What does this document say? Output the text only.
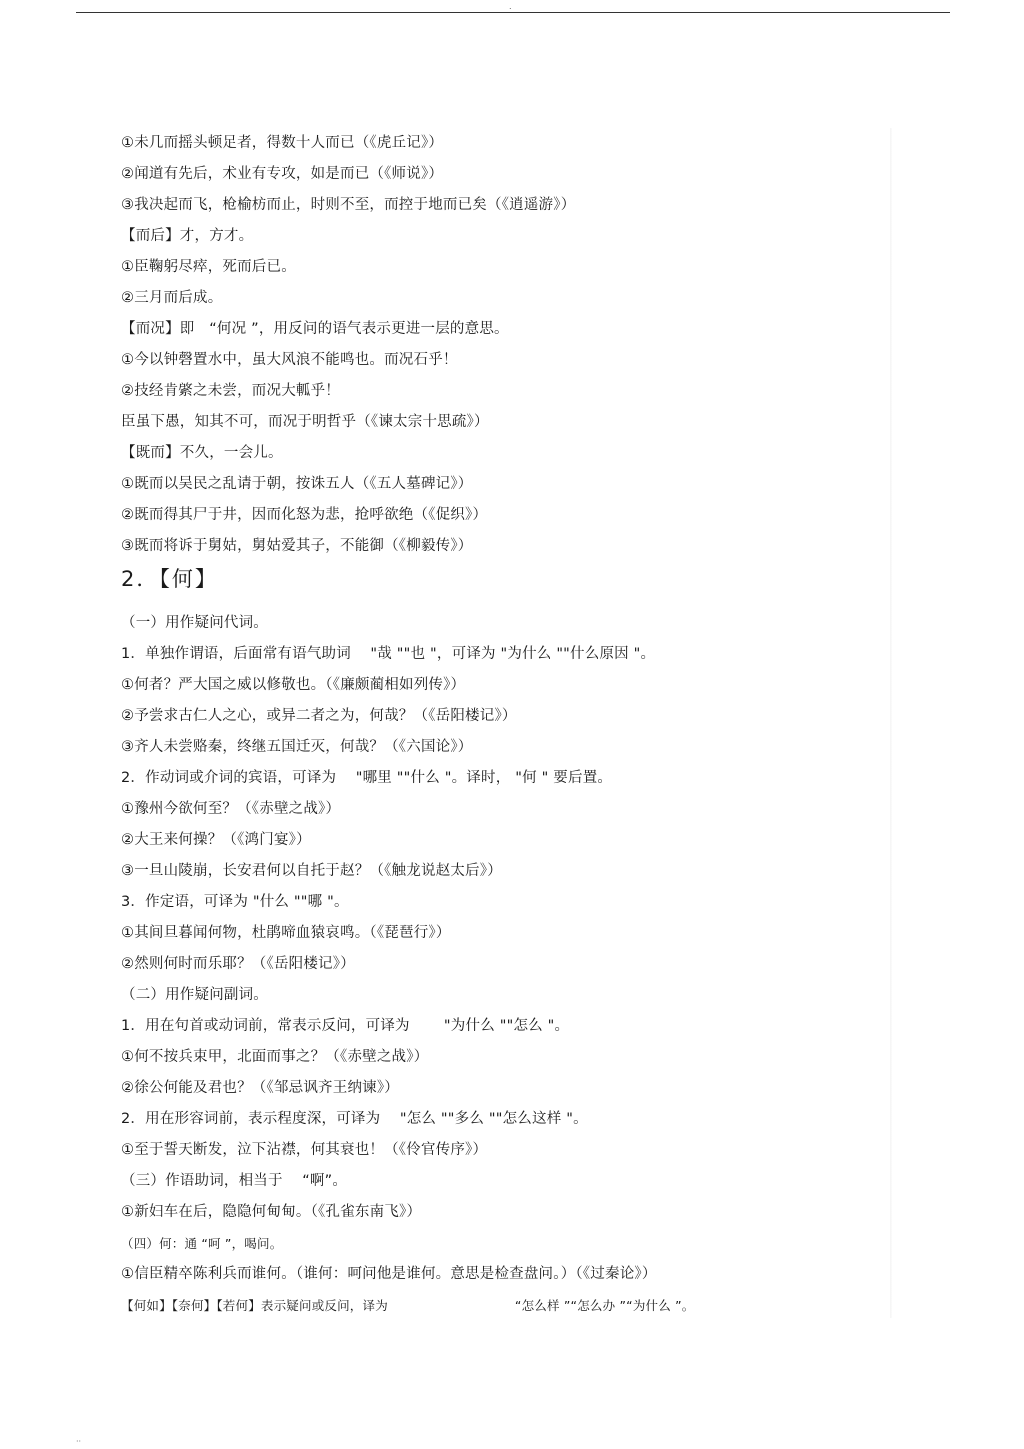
.
①未几而摇头顿足者，得数十人而已（《虎丘记》）
②闻道有先后，术业有专攻，如是而已（《师说》）
③我决起而飞，枪榆枋而止，时则不至，而控于地而已矣（《逍遥游》）
【而后】才，方才。
①臣鞠躬尽瘁，死而后已。
②三月而后成。
【而况】即　“何况 ”，用反问的语气表示更进一层的意思。
①今以钟磬置水中，虽大风浪不能鸣也。而况石乎！
②技经肯綮之未尝，而况大軱乎！
臣虽下愚，知其不可，而况于明哲乎（《谏太宗十思疏》）
【既而】不久，一会儿。
①既而以吴民之乱请于朝，按诛五人（《五人墓碑记》）
②既而得其尸于井，因而化怒为悲，抢呼欲绝（《促织》）
③既而将诉于舅姑，舅姑爱其子，不能御（《柳毅传》）
2．【何】
（一）用作疑问代词。
1．单独作谓语，后面常有语气助词　 "哉 ""也 "，可译为 "为什么 ""什么原因 "。
①何者？严大国之威以修敬也。（《廉颇蔺相如列传》）
②予尝求古仁人之心，或异二者之为，何哉？（《岳阳楼记》）
③齐人未尝赂秦，终继五国迁灭，何哉？（《六国论》）
2．作动词或介词的宾语，可译为　 "哪里 ""什么 "。译时， "何 " 要后置。
①豫州今欲何至？（《赤壁之战》）
②大王来何操？（《鸿门宴》）
③一旦山陵崩，长安君何以自托于赵？（《触龙说赵太后》）
3．作定语，可译为 "什么 ""哪 "。
①其间旦暮闻何物，杜鹃啼血猿哀鸣。（《琵琶行》）
②然则何时而乐耶？（《岳阳楼记》）
（二）用作疑问副词。
1．用在句首或动词前，常表示反问，可译为　　 "为什么 ""怎么 "。
①何不按兵束甲，北面而事之？（《赤壁之战》）
②徐公何能及君也？（《邹忌讽齐王纳谏》）
2．用在形容词前，表示程度深，可译为　 "怎么 ""多么 ""怎么这样 "。
①至于誓天断发，泣下沾襟，何其衰也！（《伶官传序》）
（三）作语助词，相当于　 “啊”。
①新妇车在后，隐隐何甸甸。（《孔雀东南飞》）
（四）何：通 “呵 ”，喝问。
①信臣精卒陈利兵而谁何。（谁何：呵问他是谁何。意思是检查盘问。）（《过秦论》）
【何如】【奈何】【若何】表示疑问或反问，译为　　　　　　　　　　“怎么样 ”“怎么办 ”“为什么 ”。
··
